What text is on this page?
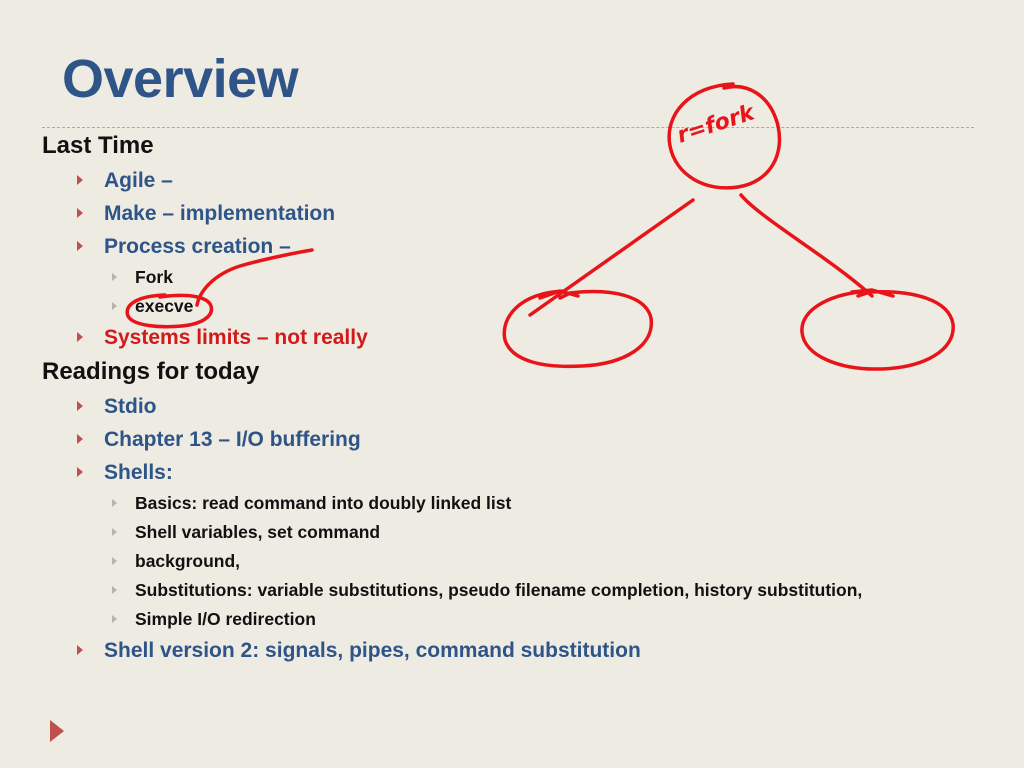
Overview
Last Time
Agile –
Make – implementation
Process creation –
Fork
execve
Systems limits – not really
Readings for today
Stdio
Chapter 13 – I/O buffering
Shells:
Basics: read command into doubly linked list
Shell variables, set command
background,
Substitutions: variable substitutions, pseudo filename completion, history substitution,
Simple I/O redirection
Shell version 2: signals, pipes, command substitution
r=fork
